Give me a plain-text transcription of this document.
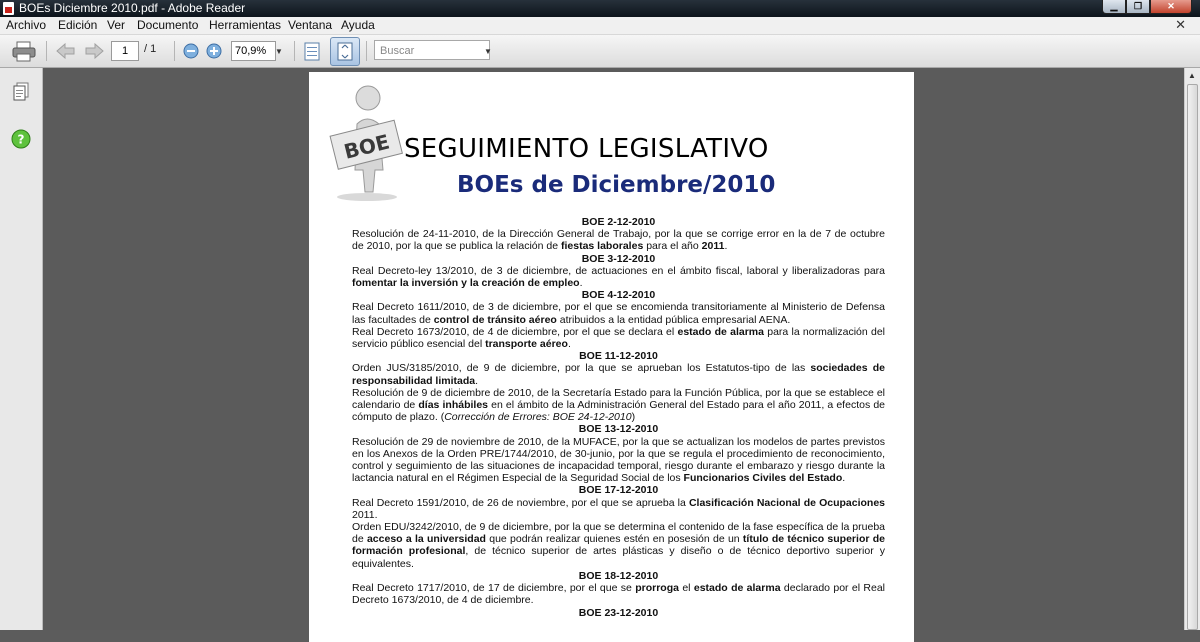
BOEs Diciembre 2010.pdf - Adobe Reader	▁	❐	✕
Archivo Edición Ver Documento Herramientas Ventana Ayuda	✕
1	/ 1	70,9%	▼	Buscar	▼
?
▲
BOE SEGUIMIENTO LEGISLATIVO
BOEs de Diciembre/2010

BOE 2-12-2010

Resolución de 24-11-2010, de la Dirección General de Trabajo, por la que se corrige error en la de 7 de octubre de 2010, por la que se publica la relación de fiestas laborales para el año 2011.

BOE 3-12-2010

Real Decreto-ley 13/2010, de 3 de diciembre, de actuaciones en el ámbito fiscal, laboral y liberalizadoras para fomentar la inversión y la creación de empleo.

BOE 4-12-2010

Real Decreto 1611/2010, de 3 de diciembre, por el que se encomienda transitoriamente al Ministerio de Defensa las facultades de control de tránsito aéreo atribuidos a la entidad pública empresarial AENA.

Real Decreto 1673/2010, de 4 de diciembre, por el que se declara el estado de alarma para la normalización del servicio público esencial del transporte aéreo.

BOE 11-12-2010

Orden JUS/3185/2010, de 9 de diciembre, por la que se aprueban los Estatutos-tipo de las sociedades de responsabilidad limitada.

Resolución de 9 de diciembre de 2010, de la Secretaría Estado para la Función Pública, por la que se establece el calendario de días inhábiles en el ámbito de la Administración General del Estado para el año 2011, a efectos de cómputo de plazo. (Corrección de Errores: BOE 24-12-2010)

BOE 13-12-2010

Resolución de 29 de noviembre de 2010, de la MUFACE, por la que se actualizan los modelos de partes previstos en los Anexos de la Orden PRE/1744/2010, de 30-junio, por la que se regula el procedimiento de reconocimiento, control y seguimiento de las situaciones de incapacidad temporal, riesgo durante el embarazo y riesgo durante la lactancia natural en el Régimen Especial de la Seguridad Social de los Funcionarios Civiles del Estado.

BOE 17-12-2010

Real Decreto 1591/2010, de 26 de noviembre, por el que se aprueba la Clasificación Nacional de Ocupaciones 2011.

Orden EDU/3242/2010, de 9 de diciembre, por la que se determina el contenido de la fase específica de la prueba de acceso a la universidad que podrán realizar quienes estén en posesión de un título de técnico superior de formación profesional, de técnico superior de artes plásticas y diseño o de técnico deportivo superior y equivalentes.

BOE 18-12-2010

Real Decreto 1717/2010, de 17 de diciembre, por el que se prorroga el estado de alarma declarado por el Real Decreto 1673/2010, de 4 de diciembre.

BOE 23-12-2010
